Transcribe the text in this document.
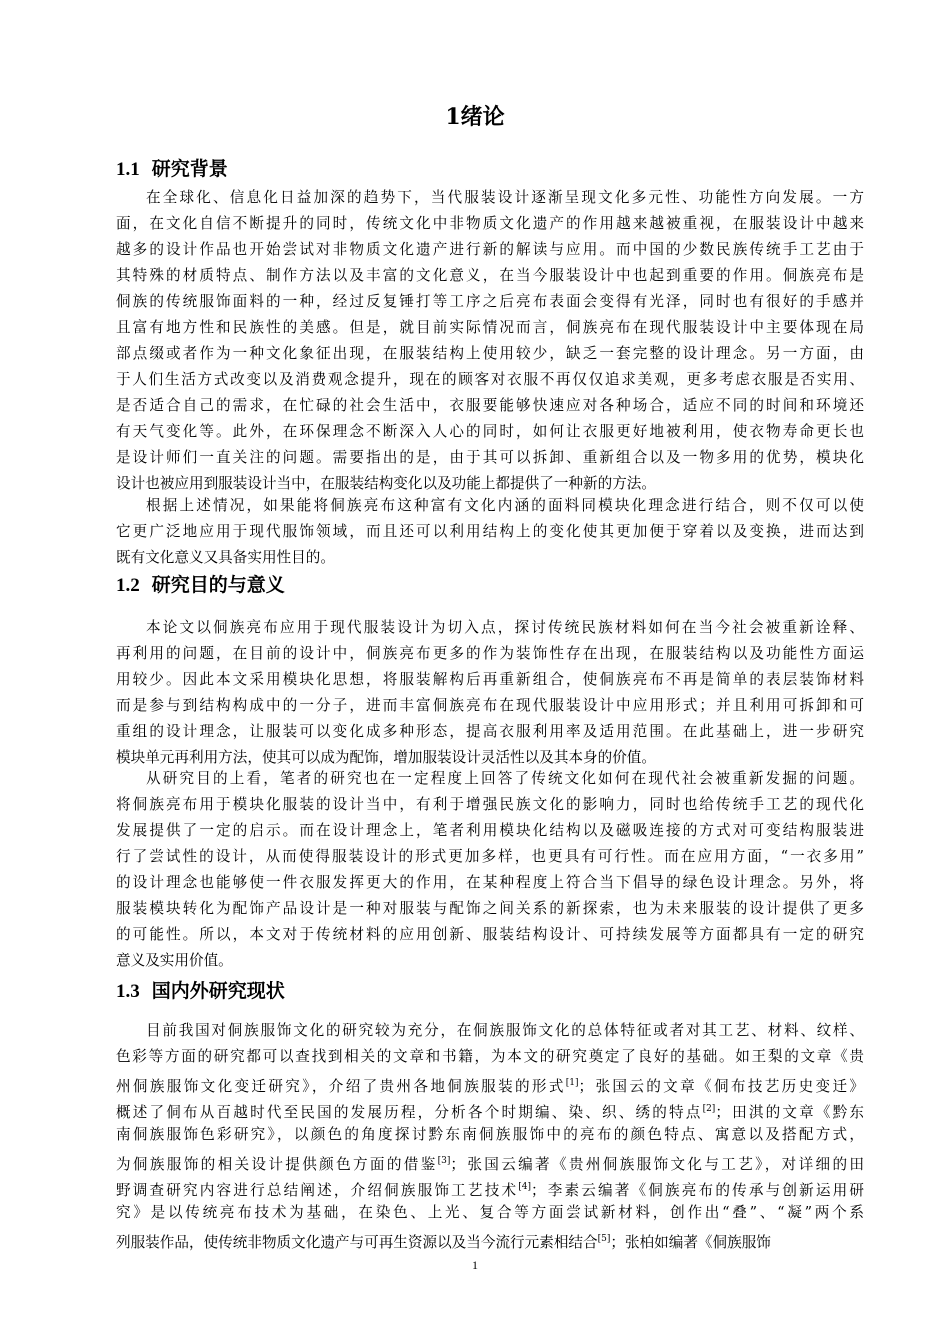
1绪论
1.1 研究背景
在全球化、信息化日益加深的趋势下，当代服装设计逐渐呈现文化多元性、功能性方向发展。一方
面，在文化自信不断提升的同时，传统文化中非物质文化遗产的作用越来越被重视，在服装设计中越来
越多的设计作品也开始尝试对非物质文化遗产进行新的解读与应用。而中国的少数民族传统手工艺由于
其特殊的材质特点、制作方法以及丰富的文化意义，在当今服装设计中也起到重要的作用。侗族亮布是
侗族的传统服饰面料的一种，经过反复锤打等工序之后亮布表面会变得有光泽，同时也有很好的手感并
且富有地方性和民族性的美感。但是，就目前实际情况而言，侗族亮布在现代服装设计中主要体现在局
部点缀或者作为一种文化象征出现，在服装结构上使用较少，缺乏一套完整的设计理念。另一方面，由
于人们生活方式改变以及消费观念提升，现在的顾客对衣服不再仅仅追求美观，更多考虑衣服是否实用、
是否适合自己的需求，在忙碌的社会生活中，衣服要能够快速应对各种场合，适应不同的时间和环境还
有天气变化等。此外，在环保理念不断深入人心的同时，如何让衣服更好地被利用，使衣物寿命更长也
是设计师们一直关注的问题。需要指出的是，由于其可以拆卸、重新组合以及一物多用的优势，模块化
设计也被应用到服装设计当中，在服装结构变化以及功能上都提供了一种新的方法。
根据上述情况，如果能将侗族亮布这种富有文化内涵的面料同模块化理念进行结合，则不仅可以使
它更广泛地应用于现代服饰领域，而且还可以利用结构上的变化使其更加便于穿着以及变换，进而达到
既有文化意义又具备实用性目的。
1.2 研究目的与意义
本论文以侗族亮布应用于现代服装设计为切入点，探讨传统民族材料如何在当今社会被重新诠释、
再利用的问题，在目前的设计中，侗族亮布更多的作为装饰性存在出现，在服装结构以及功能性方面运
用较少。因此本文采用模块化思想，将服装解构后再重新组合，使侗族亮布不再是简单的表层装饰材料
而是参与到结构构成中的一分子，进而丰富侗族亮布在现代服装设计中应用形式；并且利用可拆卸和可
重组的设计理念，让服装可以变化成多种形态，提高衣服利用率及适用范围。在此基础上，进一步研究
模块单元再利用方法，使其可以成为配饰，增加服装设计灵活性以及其本身的价值。
从研究目的上看，笔者的研究也在一定程度上回答了传统文化如何在现代社会被重新发掘的问题。
将侗族亮布用于模块化服装的设计当中，有利于增强民族文化的影响力，同时也给传统手工艺的现代化
发展提供了一定的启示。而在设计理念上，笔者利用模块化结构以及磁吸连接的方式对可变结构服装进
行了尝试性的设计，从而使得服装设计的形式更加多样，也更具有可行性。而在应用方面，“一衣多用”
的设计理念也能够使一件衣服发挥更大的作用，在某种程度上符合当下倡导的绿色设计理念。另外，将
服装模块转化为配饰产品设计是一种对服装与配饰之间关系的新探索，也为未来服装的设计提供了更多
的可能性。所以，本文对于传统材料的应用创新、服装结构设计、可持续发展等方面都具有一定的研究
意义及实用价值。
1.3 国内外研究现状
目前我国对侗族服饰文化的研究较为充分，在侗族服饰文化的总体特征或者对其工艺、材料、纹样、
色彩等方面的研究都可以查找到相关的文章和书籍，为本文的研究奠定了良好的基础。如王梨的文章《贵
州侗族服饰文化变迁研究》，介绍了贵州各地侗族服装的形式[1]；张国云的文章《侗布技艺历史变迁》
概述了侗布从百越时代至民国的发展历程，分析各个时期编、染、织、绣的特点[2]；田淇的文章《黔东
南侗族服饰色彩研究》，以颜色的角度探讨黔东南侗族服饰中的亮布的颜色特点、寓意以及搭配方式，
为侗族服饰的相关设计提供颜色方面的借鉴[3]；张国云编著《贵州侗族服饰文化与工艺》，对详细的田
野调查研究内容进行总结阐述，介绍侗族服饰工艺技术[4]；李素云编著《侗族亮布的传承与创新运用研
究》是以传统亮布技术为基础，在染色、上光、复合等方面尝试新材料，创作出“叠”、“凝”两个系
列服装作品，使传统非物质文化遗产与可再生资源以及当今流行元素相结合[5]；张柏如编著《侗族服饰
1
